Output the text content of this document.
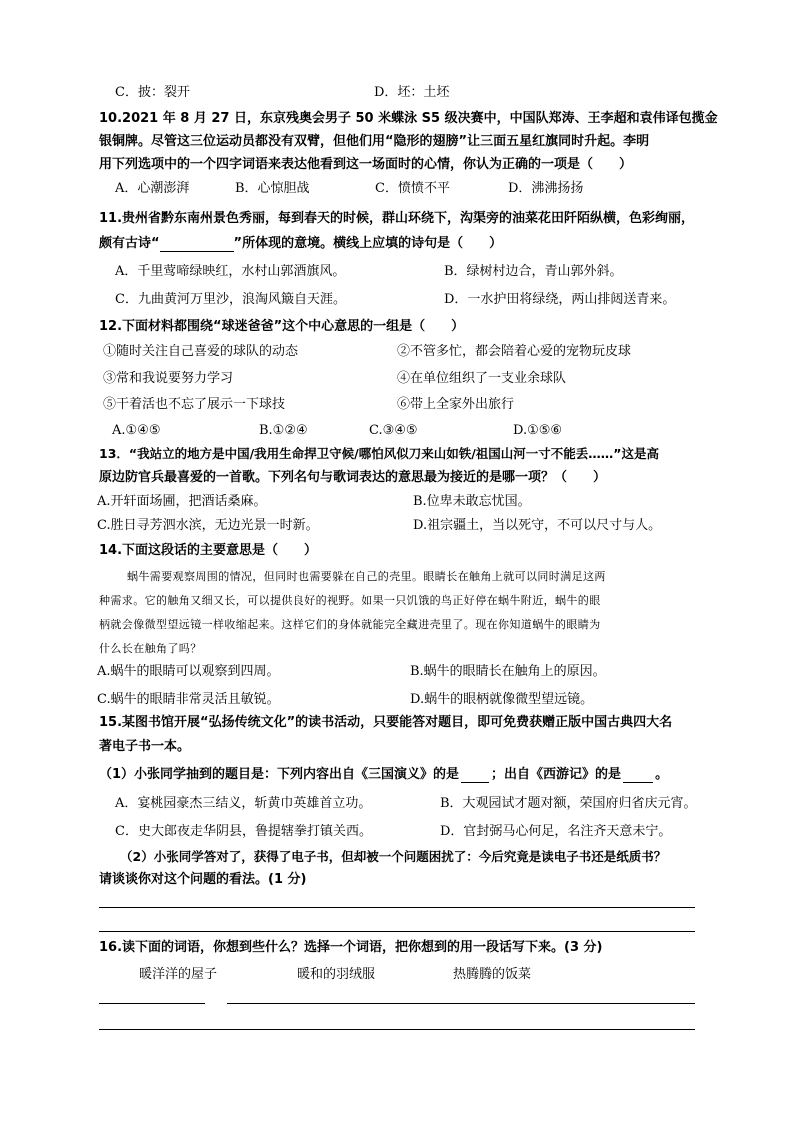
C．披：裂开	D．坯：土坯
10.2021 年 8 月 27 日，东京残奥会男子 50 米蝶泳 S5 级决赛中，中国队郑涛、王李超和袁伟译包揽金
银铜牌。尽管这三位运动员都没有双臂，但他们用“隐形的翅膀”让三面五星红旗同时升起。李明
用下列选项中的一个四字词语来表达他看到这一场面时的心情，你认为正确的一项是（　　）
A．心潮澎湃	B．心惊胆战	C．愤愤不平	D．沸沸扬扬
11.贵州省黔东南州景色秀丽，每到春天的时候，群山环绕下，沟渠旁的油菜花田阡陌纵横，色彩绚丽，
颇有古诗“	”所体现的意境。横线上应填的诗句是（　　）
A．千里莺啼绿映红，水村山郭酒旗风。	B．绿树村边合，青山郭外斜。
C．九曲黄河万里沙，浪淘风簸自天涯。	D．一水护田将绿绕，两山排闼送青来。
12.下面材料都围绕“球迷爸爸”这个中心意思的一组是（　　）
①随时关注自己喜爱的球队的动态	②不管多忙，都会陪着心爱的宠物玩皮球
③常和我说要努力学习	④在单位组织了一支业余球队
⑤干着活也不忘了展示一下球技	⑥带上全家外出旅行
A.①④⑤	B.①②④	C.③④⑤	D.①⑤⑥
13．“我站立的地方是中国/我用生命捍卫守候/哪怕风似刀来山如铁/祖国山河一寸不能丢……”这是高
原边防官兵最喜爱的一首歌。下列名句与歌词表达的意思最为接近的是哪一项？（　　）
A.开轩面场圃，把酒话桑麻。	B.位卑未敢忘忧国。
C.胜日寻芳泗水滨，无边光景一时新。	D.祖宗疆土，当以死守，不可以尺寸与人。
14.下面这段话的主要意思是（　　）
蜗牛需要观察周围的情况，但同时也需要躲在自己的壳里。眼睛长在触角上就可以同时满足这两
种需求。它的触角又细又长，可以提供良好的视野。如果一只饥饿的鸟正好停在蜗牛附近，蜗牛的眼
柄就会像微型望远镜一样收缩起来。这样它们的身体就能完全藏进壳里了。现在你知道蜗牛的眼睛为
什么长在触角了吗？
A.蜗牛的眼睛可以观察到四周。	B.蜗牛的眼睛长在触角上的原因。
C.蜗牛的眼睛非常灵活且敏锐。	D.蜗牛的眼柄就像微型望远镜。
15.某图书馆开展“弘扬传统文化”的读书活动，只要能答对题目，即可免费获赠正版中国古典四大名
著电子书一本。
（1）小张同学抽到的题目是：下列内容出自《三国演义》的是 ；出自《西游记》的是	。
A．宴桃园豪杰三结义，斩黄巾英雄首立功。	B．大观园试才题对额，荣国府归省庆元宵。
C．史大郎夜走华阴县，鲁提辖拳打镇关西。	D．官封弼马心何足，名注齐天意未宁。
（2）小张同学答对了，获得了电子书，但却被一个问题困扰了：今后究竟是读电子书还是纸质书？
请谈谈你对这个问题的看法。(1 分)
16.读下面的词语，你想到些什么？选择一个词语，把你想到的用一段话写下来。(3 分)
暖洋洋的屋子	暖和的羽绒服	热腾腾的饭菜
